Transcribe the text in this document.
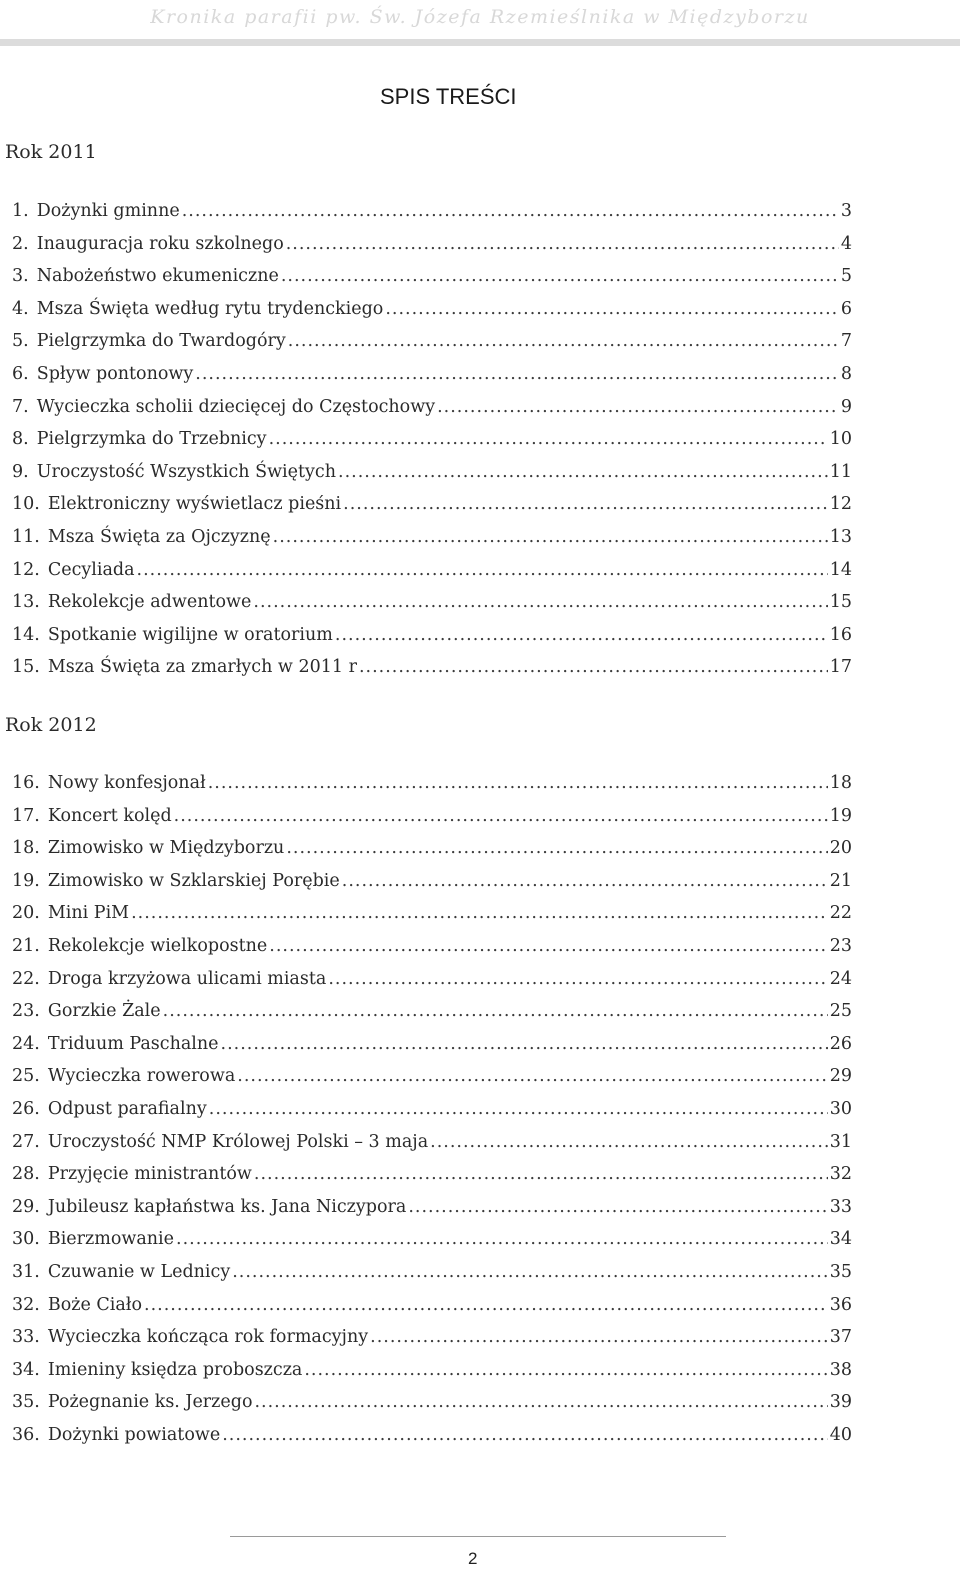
Kronika parafii pw. Św. Józefa Rzemieślnika w Międzyborzu
SPIS TREŚCI
Rok 2011
1. Dożynki gminne .....	3
2. Inauguracja roku szkolnego .....	4
3. Nabożeństwo ekumeniczne .....	5
4. Msza Święta według rytu trydenckiego .....	6
5. Pielgrzymka do Twardogóry .....	7
6. Spływ pontonowy .....	8
7. Wycieczka scholii dziecięcej do Częstochowy .....	9
8. Pielgrzymka do Trzebnicy .....	10
9. Uroczystość Wszystkich Świętych .....	11
10. Elektroniczny wyświetlacz pieśni .....	12
11. Msza Święta za Ojczyznę .....	13
12. Cecyliada .....	14
13. Rekolekcje adwentowe .....	15
14. Spotkanie wigilijne w oratorium .....	16
15. Msza Święta za zmarłych w 2011 r .....	17
Rok 2012
16. Nowy konfesjonał .....	18
17. Koncert kolęd .....	19
18. Zimowisko w Międzyborzu .....	20
19. Zimowisko w Szklarskiej Porębie .....	21
20. Mini PiM .....	22
21. Rekolekcje wielkopostne .....	23
22. Droga krzyżowa ulicami miasta .....	24
23. Gorzkie Żale .....	25
24. Triduum Paschalne .....	26
25. Wycieczka rowerowa .....	29
26. Odpust parafialny .....	30
27. Uroczystość NMP Królowej Polski – 3 maja .....	31
28. Przyjęcie ministrantów .....	32
29. Jubileusz kapłaństwa ks. Jana Niczypora .....	33
30. Bierzmowanie .....	34
31. Czuwanie w Lednicy .....	35
32. Boże Ciało .....	36
33. Wycieczka kończąca rok formacyjny .....	37
34. Imieniny księdza proboszcza .....	38
35. Pożegnanie ks. Jerzego .....	39
36. Dożynki powiatowe .....	40
2
